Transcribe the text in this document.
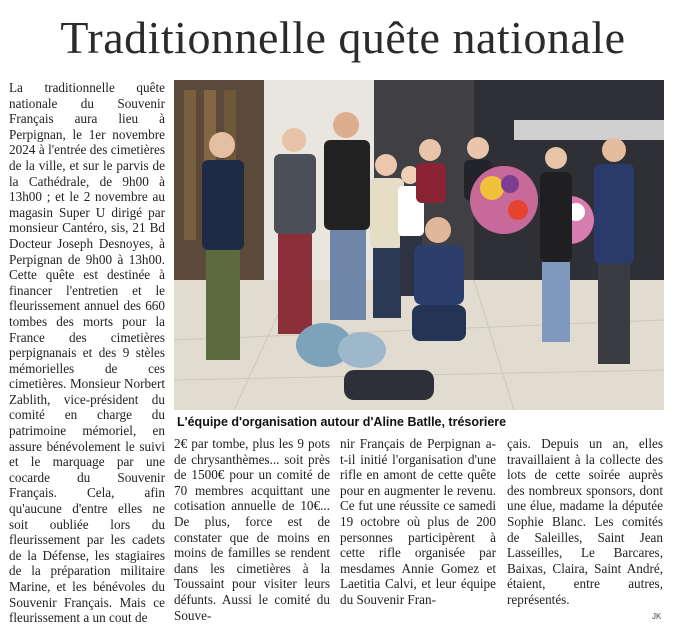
Traditionnelle quête nationale

La traditionnelle quête nationale du Souvenir Français aura lieu à Perpignan, le 1er novembre 2024 à l'entrée des cimetières de la ville, et sur le parvis de la Cathédrale, de 9h00 à 13h00 ; et le 2 novembre au magasin Super U dirigé par monsieur Cantéro, sis, 21 Bd Docteur Joseph Desnoyes, à Perpignan de 9h00 à 13h00. Cette quête est destinée à financer l'entretien et le fleurissement annuel des 660 tombes des morts pour la France des cimetières perpignanais et des 9 stèles mémorielles de ces cimetières. Monsieur Norbert Zablith, vice-président du comité en charge du patrimoine mémoriel, en assure bénévolement le suivi et le marquage par une cocarde du Souvenir Français. Cela, afin qu'aucune d'entre elles ne soit oubliée lors du fleurissement par les cadets de la Défense, les stagiaires de la préparation militaire Marine, et les bénévoles du Souvenir Français. Mais ce fleurissement a un cout de

L'équipe d'organisation autour d'Aline Batlle, trésoriere

2€ par tombe, plus les 9 pots de chrysanthèmes... soit près de 1500€ pour un comité de 70 membres acquittant une cotisation annuelle de 10€... De plus, force est de constater que de moins en moins de familles se rendent dans les cimetières à la Toussaint pour visiter leurs défunts. Aussi le comité du Souve-

nir Français de Perpignan a-t-il initié l'organisation d'une rifle en amont de cette quête pour en augmenter le revenu. Ce fut une réussite ce samedi 19 octobre où plus de 200 personnes participèrent à cette rifle organisée par mesdames Annie Gomez et Laetitia Calvi, et leur équipe du Souvenir Fran-

çais. Depuis un an, elles travaillaient à la collecte des lots de cette soirée auprès des nombreux sponsors, dont une élue, madame la députée Sophie Blanc. Les comités de Saleilles, Saint Jean Lasseilles, Le Barcares, Baixas, Claira, Saint André, étaient, entre autres, représentés.

JK
